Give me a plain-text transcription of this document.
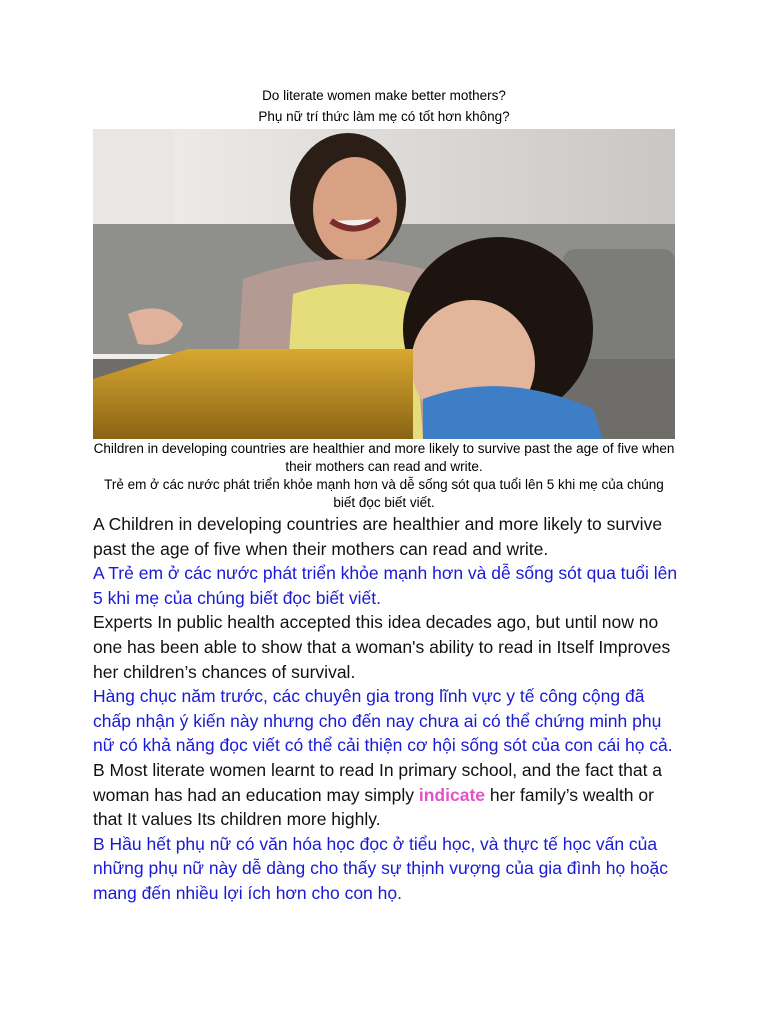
Do literate women make better mothers?
Phụ nữ trí thức làm mẹ có tốt hơn không?
Children in developing countries are healthier and more likely to survive past the age of five when their mothers can read and write.
Trẻ em ở các nước phát triển khỏe mạnh hơn và dễ sống sót qua tuổi lên 5 khi mẹ của chúng biết đọc biết viết.

A Children in developing countries are healthier and more likely to survive past the age of five when their mothers can read and write.

A Trẻ em ở các nước phát triển khỏe mạnh hơn và dễ sống sót qua tuổi lên 5 khi mẹ của chúng biết đọc biết viết.

Experts In public health accepted this idea decades ago, but until now no one has been able to show that a woman's ability to read in Itself Improves her children’s chances of survival.

Hàng chục năm trước, các chuyên gia trong lĩnh vực y tế công cộng đã chấp nhận ý kiến này nhưng cho đến nay chưa ai có thể chứng minh phụ nữ có khả năng đọc viết có thể cải thiện cơ hội sống sót của con cái họ cả.

B Most literate women learnt to read In primary school, and the fact that a woman has had an education may simply indicate her family’s wealth or that It values Its children more highly.

B Hầu hết phụ nữ có văn hóa học đọc ở tiểu học, và thực tế học vấn của những phụ nữ này dễ dàng cho thấy sự thịnh vượng của gia đình họ hoặc mang đến nhiều lợi ích hơn cho con họ.
